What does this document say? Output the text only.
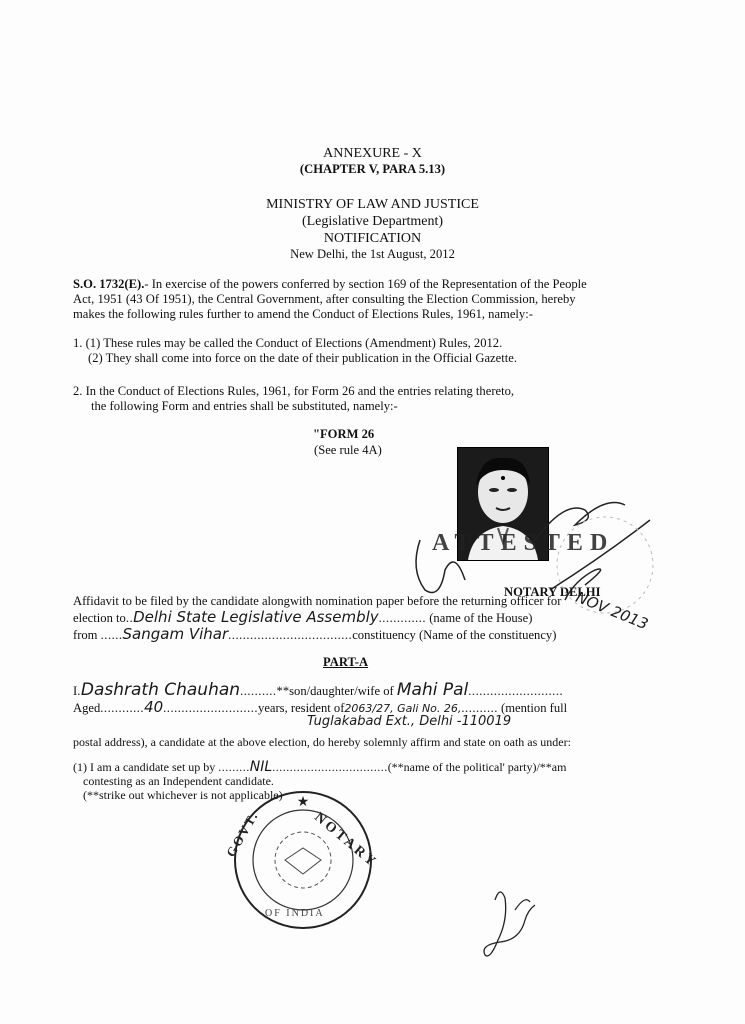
ANNEXURE - X
(CHAPTER V, PARA 5.13)
MINISTRY OF LAW AND JUSTICE
(Legislative Department)
NOTIFICATION
New Delhi, the 1st August, 2012
S.O. 1732(E).- In exercise of the powers conferred by section 169 of the Representation of the People
Act, 1951 (43 Of 1951), the Central Government, after consulting the Election Commission, hereby
makes the following rules further to amend the Conduct of Elections Rules, 1961, namely:-
1. (1) These rules may be called the Conduct of Elections (Amendment) Rules, 2012.
(2) They shall come into force on the date of their publication in the Official Gazette.
2. In the Conduct of Elections Rules, 1961, for Form 26 and the entries relating thereto,
the following Form and entries shall be substituted, namely:-
"FORM 26
(See rule 4A)
ATTESTED
NOTARY DELHI
NOV 2013
Affidavit to be filed by the candidate alongwith nomination paper before the returning officer for
election to..Delhi State Legislative Assembly............. (name of the House)
from ......Sangam Vihar..................................constituency (Name of the constituency)
PART-A
I.Dashrath Chauhan..........**son/daughter/wife of Mahi Pal..........................
Aged............40..........................years, resident of2063/27, Gali No. 26,.......... (mention full
Tuglakabad Ext., Delhi -110019
postal address), a candidate at the above election, do hereby solemnly affirm and state on oath as under:
(1) I am a candidate set up by .........NIL.................................(**name of the political' party)/**am
contesting as an Independent candidate.
(**strike out whichever is not applicable) ★
NOTARY
GOVT.
OF INDIA
